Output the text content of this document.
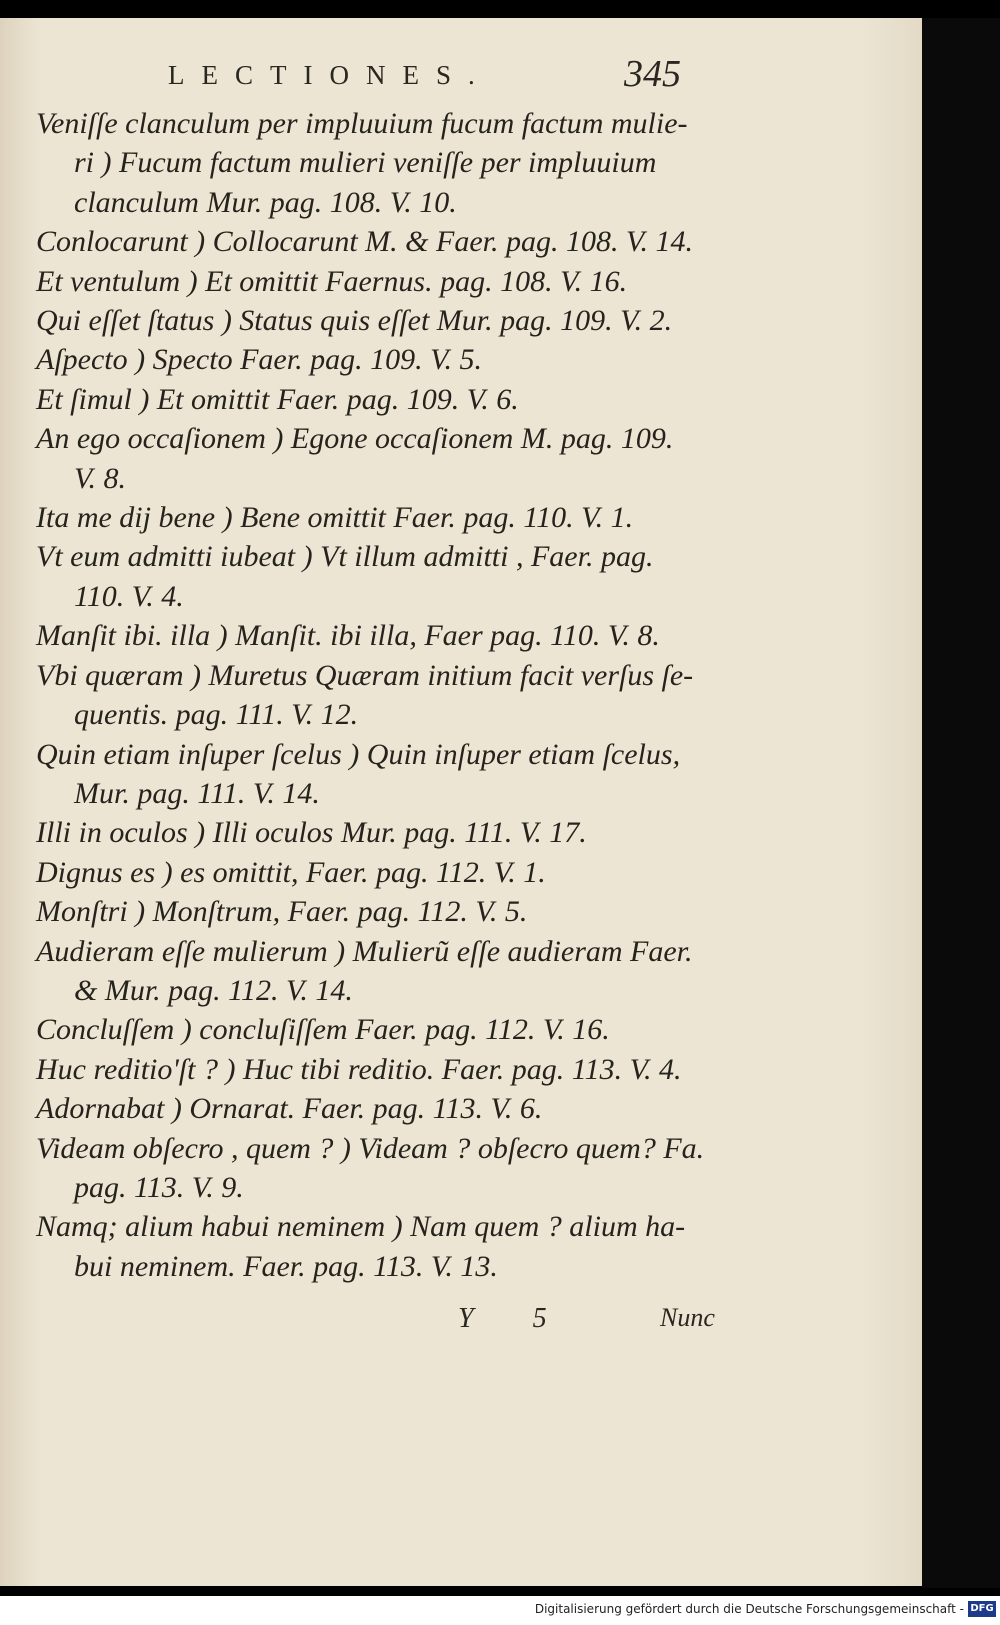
LECTIONES.	345
Veniſſe clanculum per impluuium fucum factum mulie-
ri ) Fucum factum mulieri veniſſe per impluuium
clanculum Mur. pag. 108. V. 10.
Conlocarunt ) Collocarunt M. & Faer. pag. 108. V. 14.
Et ventulum ) Et omittit Faernus. pag. 108. V. 16.
Qui eſſet ſtatus ) Status quis eſſet Mur. pag. 109. V. 2.
Aſpecto ) Specto Faer. pag. 109. V. 5.
Et ſimul ) Et omittit Faer. pag. 109. V. 6.
An ego occaſionem ) Egone occaſionem M. pag. 109.
V. 8.
Ita me dij bene ) Bene omittit Faer. pag. 110. V. 1.
Vt eum admitti iubeat ) Vt illum admitti , Faer. pag.
110. V. 4.
Manſit ibi. illa ) Manſit. ibi illa, Faer pag. 110. V. 8.
Vbi quæram ) Muretus Quæram initium facit verſus ſe-
quentis. pag. 111. V. 12.
Quin etiam inſuper ſcelus ) Quin inſuper etiam ſcelus,
Mur. pag. 111. V. 14.
Illi in oculos ) Illi oculos Mur. pag. 111. V. 17.
Dignus es ) es omittit, Faer. pag. 112. V. 1.
Monſtri ) Monſtrum, Faer. pag. 112. V. 5.
Audieram eſſe mulierum ) Mulierũ eſſe audieram Faer.
& Mur. pag. 112. V. 14.
Concluſſem ) concluſiſſem Faer. pag. 112. V. 16.
Huc reditio'ſt ? ) Huc tibi reditio. Faer. pag. 113. V. 4.
Adornabat ) Ornarat. Faer. pag. 113. V. 6.
Videam obſecro , quem ? ) Videam ? obſecro quem? Fa.
pag. 113. V. 9.
Namq; alium habui neminem ) Nam quem ? alium ha-
bui neminem. Faer. pag. 113. V. 13.
Y 5	Nunc
Digitalisierung gefördert durch die Deutsche Forschungsgemeinschaft - DFG
